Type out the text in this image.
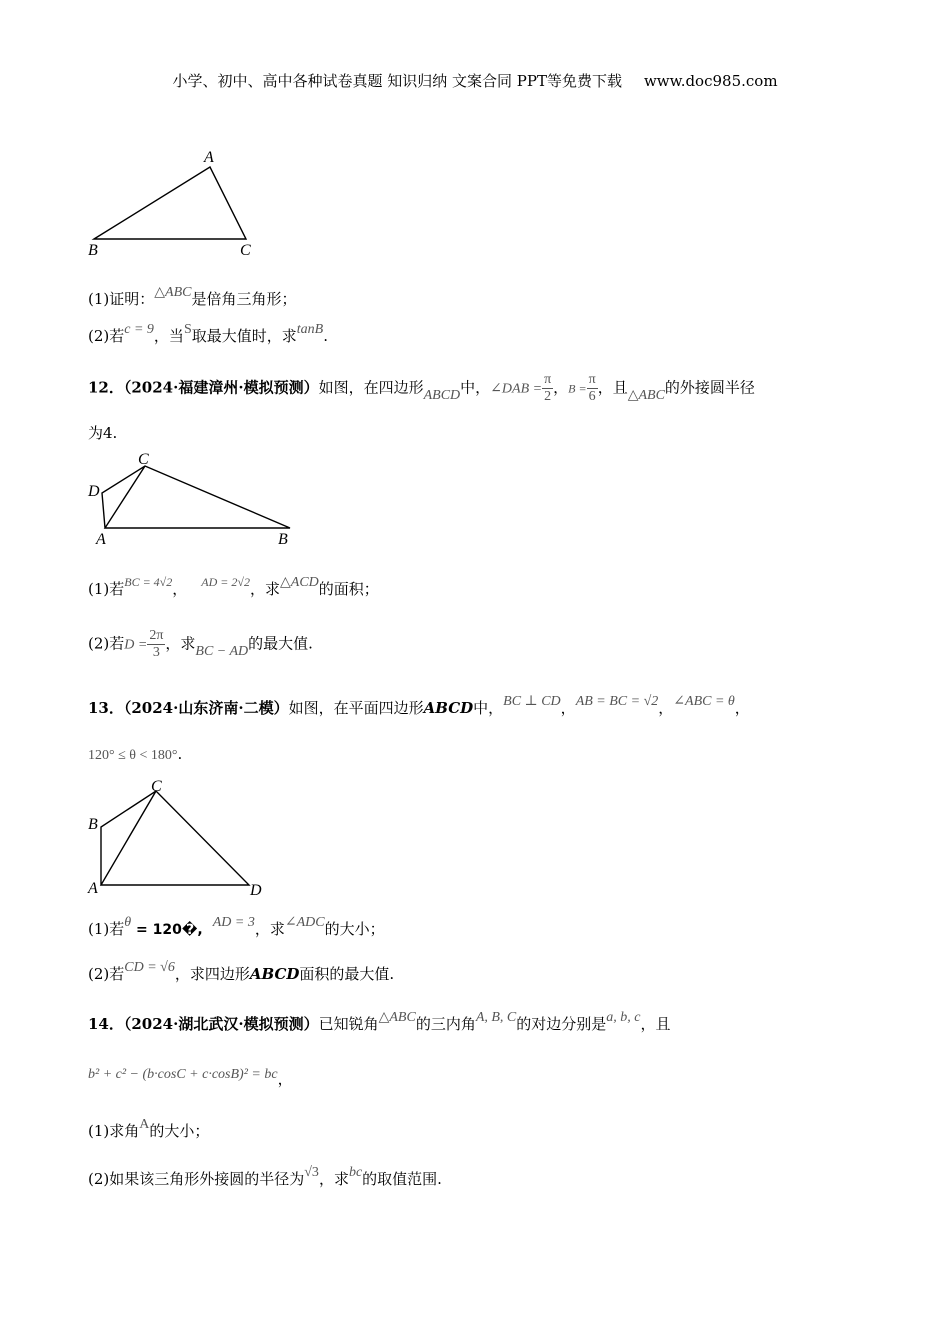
小学、初中、高中各种试卷真题 知识归纳 文案合同 PPT等免费下载 www.doc985.com
A
B	C
(1)证明：△ABC是倍角三角形；
(2)若c = 9，当S取最大值时，求tanB.
12．（2024·福建漳州·模拟预测）如图，在四边形ABCD中，∠DAB = $\frac{\pi}{2}$ ，$B = \frac{\pi}{6}$ ，且△ABC的外接圆半径
为4.
C
D
A	B
(1)若$^{BC = 4√2}$， $^{AD = 2√2}$，求△ACD的面积；
(2)若$D = \frac{2\pi}{3}$ ，求BC − AD的最大值.
13．（2024·山东济南·二模）如图，在平面四边形ABCD中，BC ⊥ CD，AB = BC = √2，∠ABC = θ，
120° ≤ θ < 180°.
C
B
A	D
(1)若θ = 120�, AD = 3，求∠ADC的大小；
(2)若CD = √6，求四边形ABCD面积的最大值.
14．（2024·湖北武汉·模拟预测）已知锐角△ABC的三内角A, B, C的对边分别是a, b, c，且
b² + c² − (b·cosC + c·cosB)² = bc，
(1)求角A的大小；
(2)如果该三角形外接圆的半径为√3，求bc的取值范围.
